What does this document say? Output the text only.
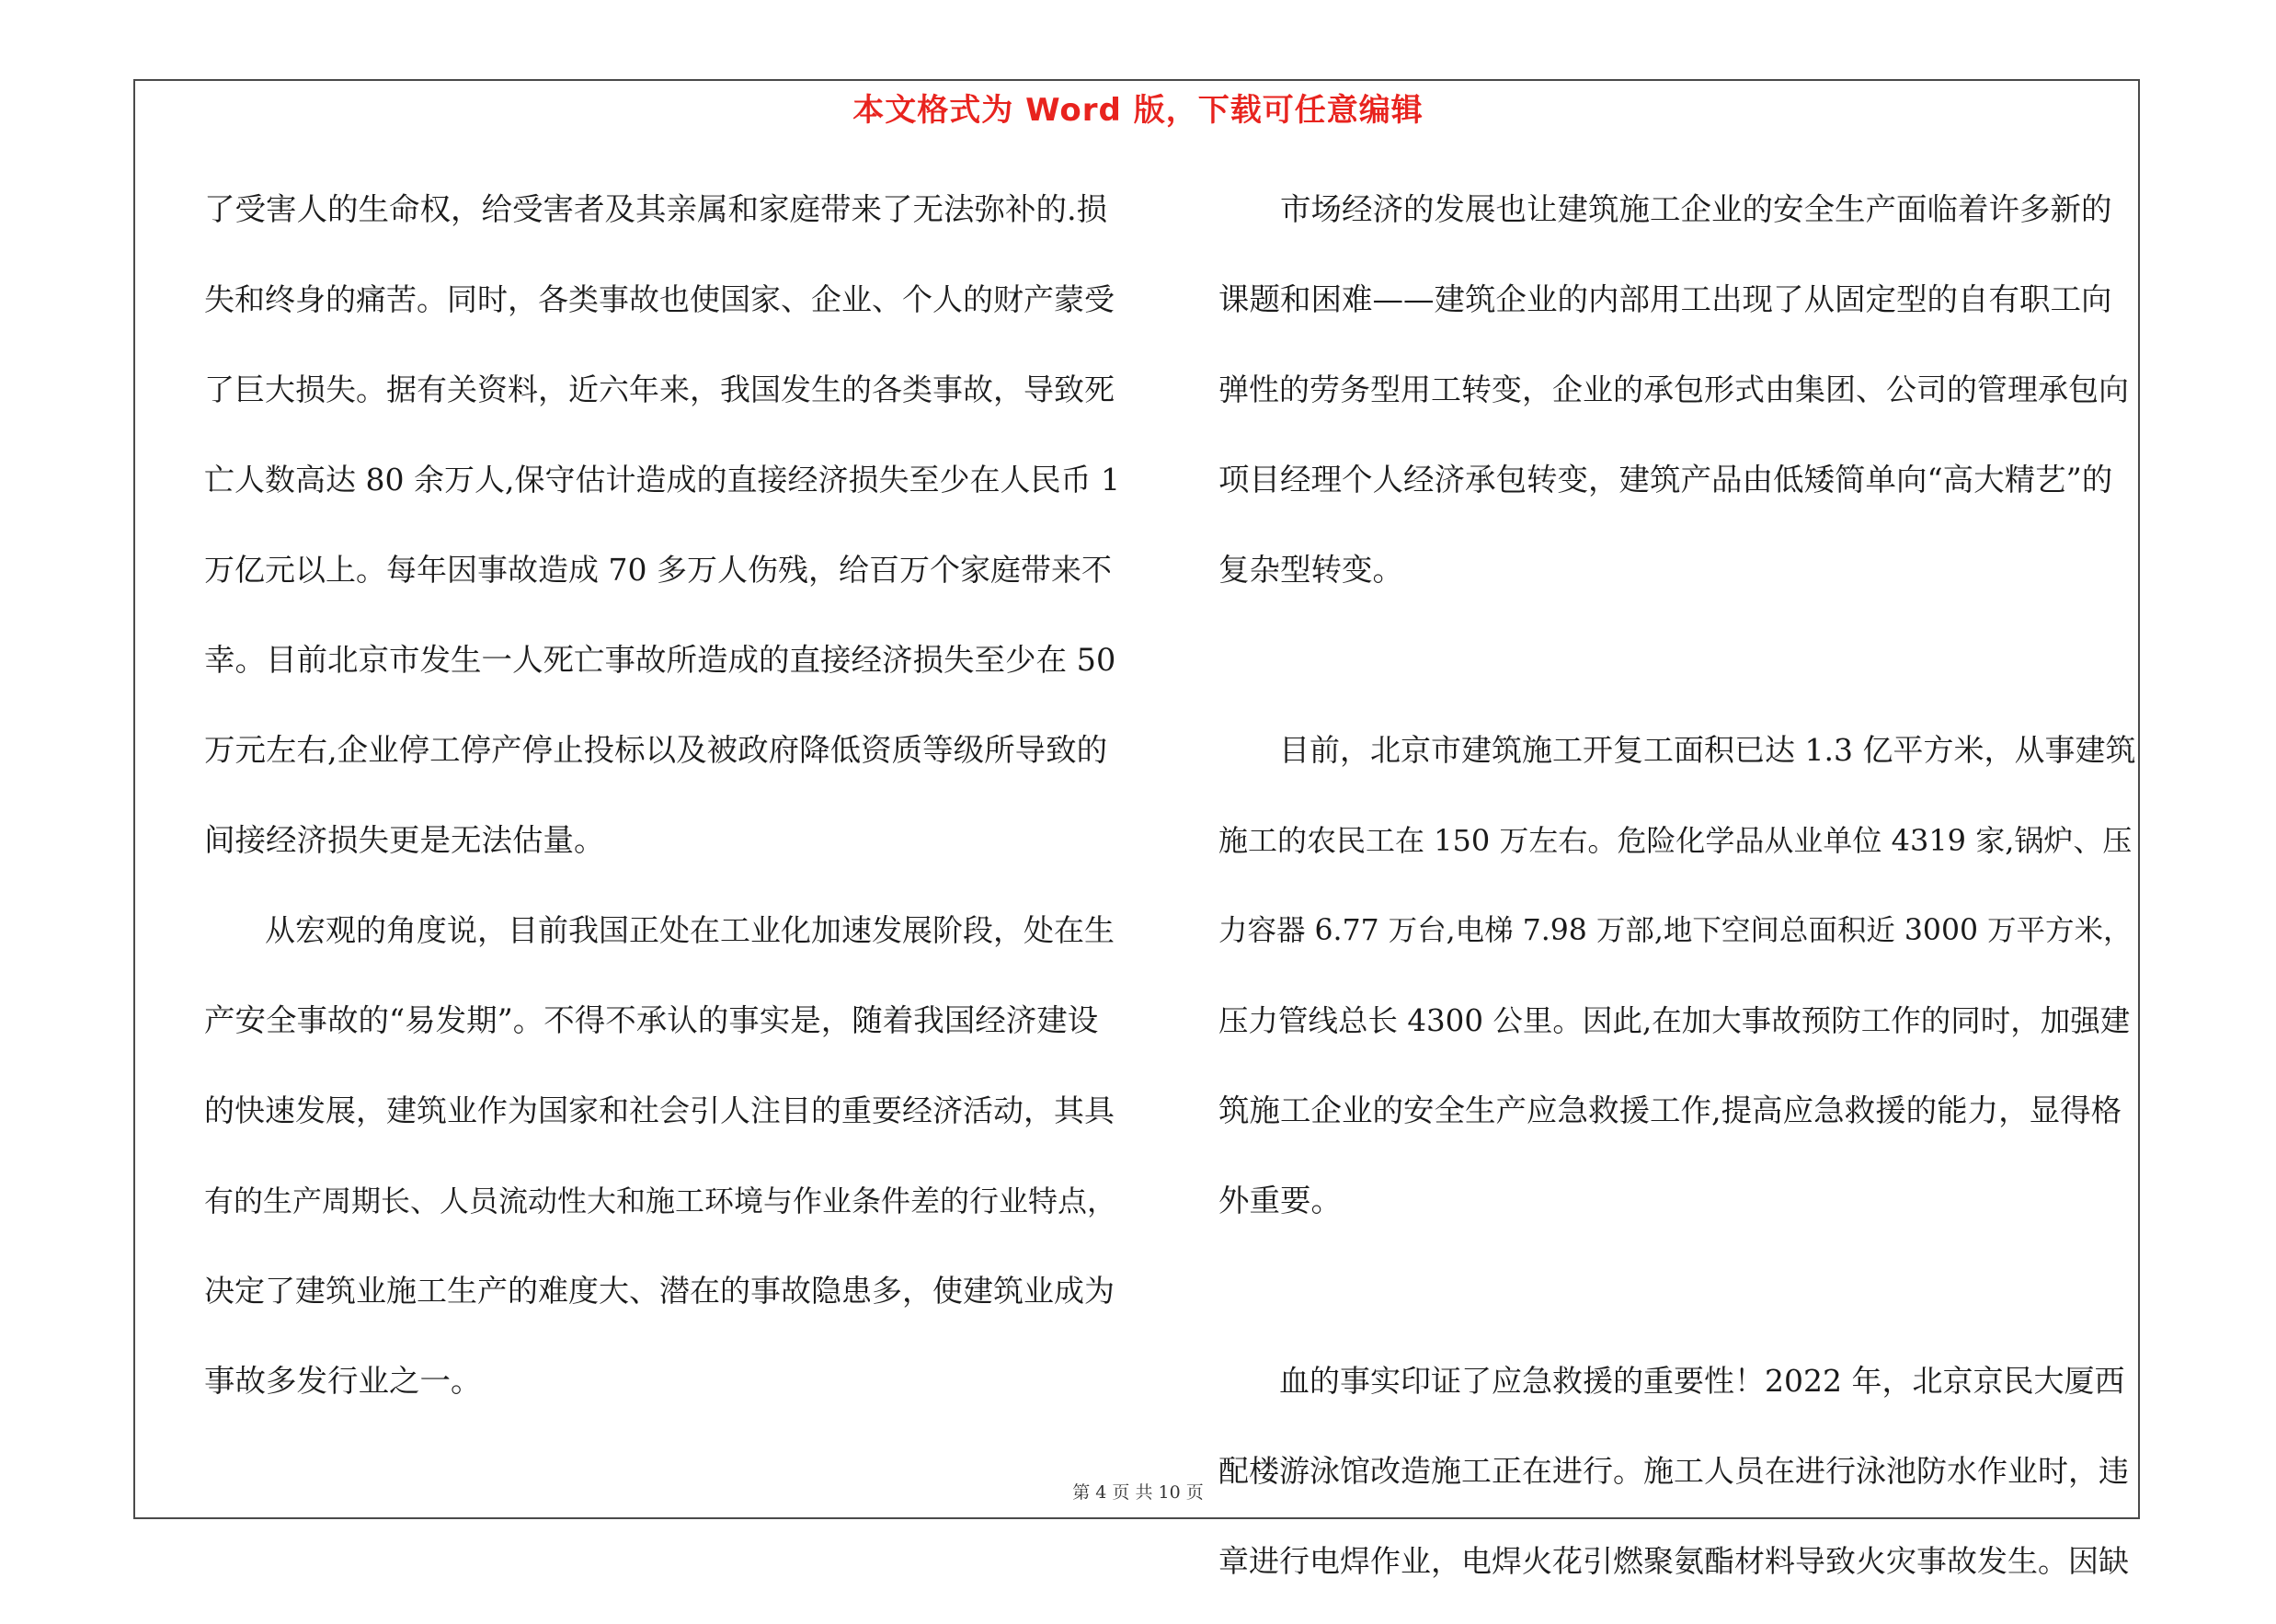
本文格式为 Word 版，下载可任意编辑
了受害人的生命权，给受害者及其亲属和家庭带来了无法弥补的.损
失和终身的痛苦。同时，各类事故也使国家、企业、个人的财产蒙受
了巨大损失。据有关资料，近六年来，我国发生的各类事故，导致死
亡人数高达 80 余万人,保守估计造成的直接经济损失至少在人民币 1
万亿元以上。每年因事故造成 70 多万人伤残，给百万个家庭带来不
幸。目前北京市发生一人死亡事故所造成的直接经济损失至少在 50
万元左右,企业停工停产停止投标以及被政府降低资质等级所导致的
间接经济损失更是无法估量。
　　从宏观的角度说，目前我国正处在工业化加速发展阶段，处在生
产安全事故的“易发期”。不得不承认的事实是，随着我国经济建设
的快速发展，建筑业作为国家和社会引人注目的重要经济活动，其具
有的生产周期长、人员流动性大和施工环境与作业条件差的行业特点，
决定了建筑业施工生产的难度大、潜在的事故隐患多，使建筑业成为
事故多发行业之一。
　　市场经济的发展也让建筑施工企业的安全生产面临着许多新的
课题和困难——建筑企业的内部用工出现了从固定型的自有职工向
弹性的劳务型用工转变，企业的承包形式由集团、公司的管理承包向
项目经理个人经济承包转变，建筑产品由低矮简单向“高大精艺”的
复杂型转变。
　　目前，北京市建筑施工开复工面积已达 1.3 亿平方米，从事建筑
施工的农民工在 150 万左右。危险化学品从业单位 4319 家,锅炉、压
力容器 6.77 万台,电梯 7.98 万部,地下空间总面积近 3000 万平方米，
压力管线总长 4300 公里。因此,在加大事故预防工作的同时，加强建
筑施工企业的安全生产应急救援工作,提高应急救援的能力，显得格
外重要。
　　血的事实印证了应急救援的重要性！2022 年，北京京民大厦西
配楼游泳馆改造施工正在进行。施工人员在进行泳池防水作业时，违
章进行电焊作业，电焊火花引燃聚氨酯材料导致火灾事故发生。因缺
第 4 页 共 10 页
